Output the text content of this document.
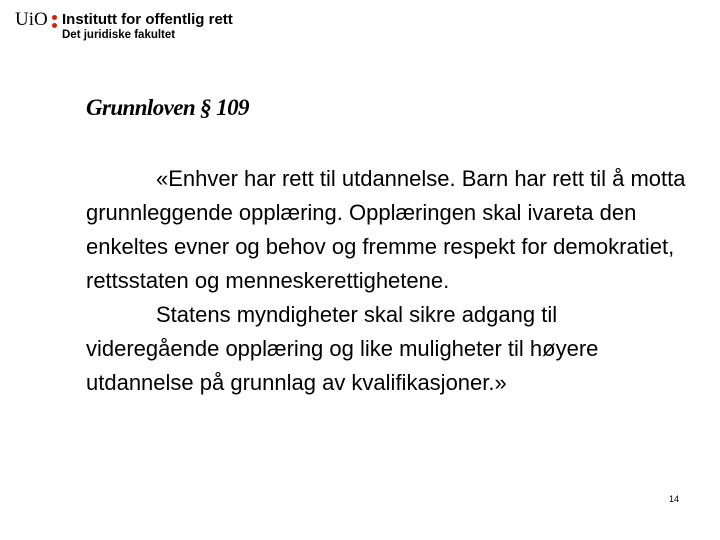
UiO Institutt for offentlig rett
Det juridiske fakultet
Grunnloven § 109

«Enhver har rett til utdannelse. Barn har rett til å motta grunnleggende opplæring. Opplæringen skal ivareta den enkeltes evner og behov og fremme respekt for demokratiet, rettsstaten og menneskerettighetene.

Statens myndigheter skal sikre adgang til videregående opplæring og like muligheter til høyere utdannelse på grunnlag av kvalifikasjoner.»

14
